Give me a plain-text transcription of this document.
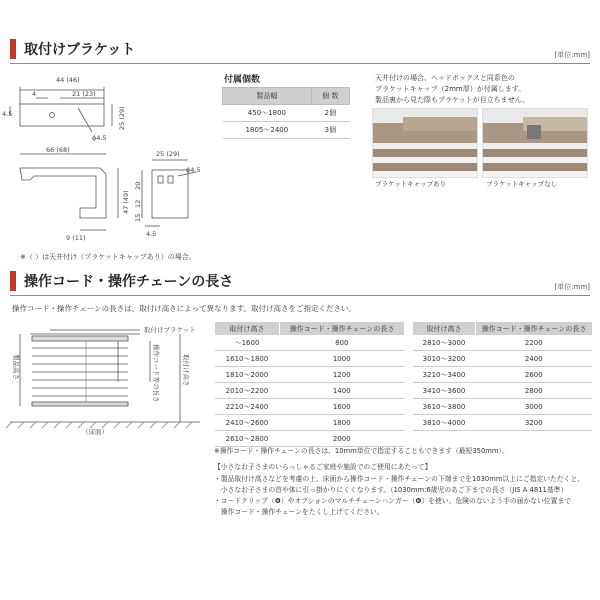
取付けブラケット	[単位:mm]
44 (46)
4	21 (23)
4.5	25 (29)
ϕ4.5
66 (68)
47 (49)
9 (11)
25 (29)
20
12
15
4.5
ϕ4.5
※（ ）は天井付け（ブラケットキャップあり）の場合。
付属個数
製品幅	個 数
450～1800	2個
1805～2400	3個
天井付けの場合、ヘッドボックスと同系色の
ブラケットキャップ（2mm厚）が付属します。
製品裏から見た際もブラケットが目立ちません。
ブラケットキャップあり	ブラケットキャップなし
操作コード・操作チェーンの長さ	[単位:mm]
操作コード・操作チェーンの長さは、取付け高さによって異なります。取付け高さをご指定ください。
取付けブラケット
製品高さ	取付け高さ
操作コード等の長さ
（床面）
取付け高さ	操作コード・操作チェーンの長さ
～1600	800
1610～1800	1000
1810～2000	1200
2010～2200	1400
2210～2400	1600
2410～2600	1800
2610～2800	2000
取付け高さ	操作コード・操作チェーンの長さ
2810～3000	2200
3010～3200	2400
3210～3400	2600
3410～3600	2800
3610～3800	3000
3810～4000	3200
※操作コード・操作チェーンの長さは、10mm単位で指定することもできます（最短350mm）。
【小さなお子さまのいらっしゃるご家庭や施設でのご使用にあたって】
・製品取付け高さなどを考慮の上、床面から操作コード・操作チェーンの下端までを1030mm以上にご指定いただくと、
　小さなお子さまの首や体に引っ掛かりにくくなります。（1030mm:6歳児のあご下までの長さ（JIS A 4811基準）
・コードクリップ（❻）やオプションのマルチチェーンハンガー（❻）を使い、危険のないよう手の届かない位置まで
　操作コード・操作チェーンをたくし上げてください。
